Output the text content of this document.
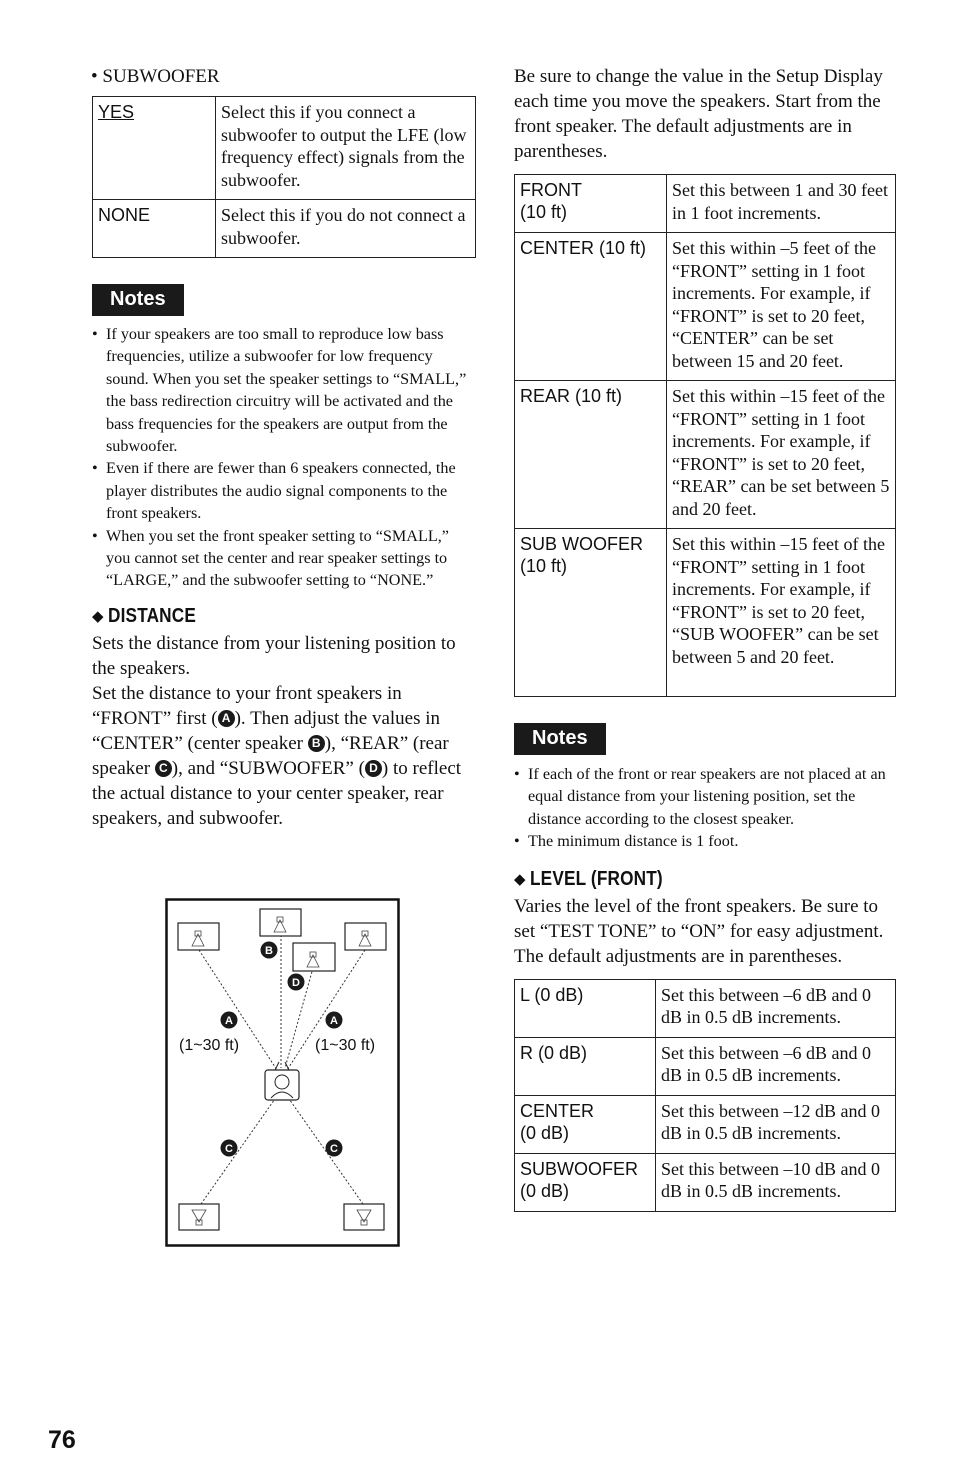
• SUBWOOFER
YES	Select this if you connect a subwoofer to output the LFE (low frequency effect) signals from the subwoofer.
NONE	Select this if you do not connect a subwoofer.
Notes
• If your speakers are too small to reproduce low bass frequencies, utilize a subwoofer for low frequency sound. When you set the speaker settings to “SMALL,” the bass redirection circuitry will be activated and the bass frequencies for the speakers are output from the subwoofer.
• Even if there are fewer than 6 speakers connected, the player distributes the audio signal components to the front speakers.
• When you set the front speaker setting to “SMALL,” you cannot set the center and rear speaker settings to “LARGE,” and the subwoofer setting to “NONE.”
◆ DISTANCE
Sets the distance from your listening position to the speakers.
Set the distance to your front speakers in “FRONT” first ( A ). Then adjust the values in “CENTER” (center speaker B ), “REAR” (rear speaker C ), and “SUBWOOFER” ( D ) to reflect the actual distance to your center speaker, rear speakers, and subwoofer.
B
D
A	A
C	C
(1~30 ft)	(1~30 ft)
Be sure to change the value in the Setup Display each time you move the speakers. Start from the front speaker. The default adjustments are in parentheses.
FRONT
(10 ft)	Set this between 1 and 30 feet in 1 foot increments.
CENTER (10 ft)	Set this within –5 feet of the “FRONT” setting in 1 foot increments. For example, if “FRONT” is set to 20 feet, “CENTER” can be set between 15 and 20 feet.
REAR (10 ft)	Set this within –15 feet of the “FRONT” setting in 1 foot increments. For example, if “FRONT” is set to 20 feet, “REAR” can be set between 5 and 20 feet.
SUB WOOFER
(10 ft)	Set this within –15 feet of the “FRONT” setting in 1 foot increments. For example, if “FRONT” is set to 20 feet, “SUB WOOFER” can be set between 5 and 20 feet.
Notes
• If each of the front or rear speakers are not placed at an equal distance from your listening position, set the distance according to the closest speaker.
• The minimum distance is 1 foot.
◆ LEVEL (FRONT)
Varies the level of the front speakers. Be sure to set “TEST TONE” to “ON” for easy adjustment.
The default adjustments are in parentheses.
L (0 dB)	Set this between –6 dB and 0 dB in 0.5 dB increments.
R (0 dB)	Set this between –6 dB and 0 dB in 0.5 dB increments.
CENTER
(0 dB)	Set this between –12 dB and 0 dB in 0.5 dB increments.
SUBWOOFER
(0 dB)	Set this between –10 dB and 0 dB in 0.5 dB increments.
76
